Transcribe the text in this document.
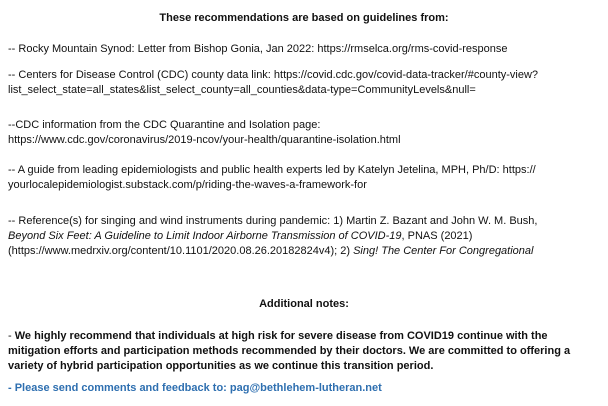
These recommendations are based on guidelines from:
-- Rocky Mountain Synod: Letter from Bishop Gonia, Jan 2022: https://rmselca.org/rms-covid-response
-- Centers for Disease Control (CDC) county data link: https://covid.cdc.gov/covid-data-tracker/#county-view?
list_select_state=all_states&list_select_county=all_counties&data-type=CommunityLevels&null=
--CDC information from the CDC Quarantine and Isolation page:
https://www.cdc.gov/coronavirus/2019-ncov/your-health/quarantine-isolation.html
-- A guide from leading epidemiologists and public health experts led by Katelyn Jetelina, MPH, Ph/D: https://
yourlocalepidemiologist.substack.com/p/riding-the-waves-a-framework-for
-- Reference(s) for singing and wind instruments during pandemic: 1) Martin Z. Bazant and John W. M. Bush,
Beyond Six Feet: A Guideline to Limit Indoor Airborne Transmission of COVID-19, PNAS (2021)
(https://www.medrxiv.org/content/10.1101/2020.08.26.20182824v4); 2) Sing! The Center For Congregational
Additional notes:
- We highly recommend that individuals at high risk for severe disease from COVID19 continue with the
mitigation efforts and participation methods recommended by their doctors. We are committed to offering a
variety of hybrid participation opportunities as we continue this transition period.
- Please send comments and feedback to: pag@bethlehem-lutheran.net
